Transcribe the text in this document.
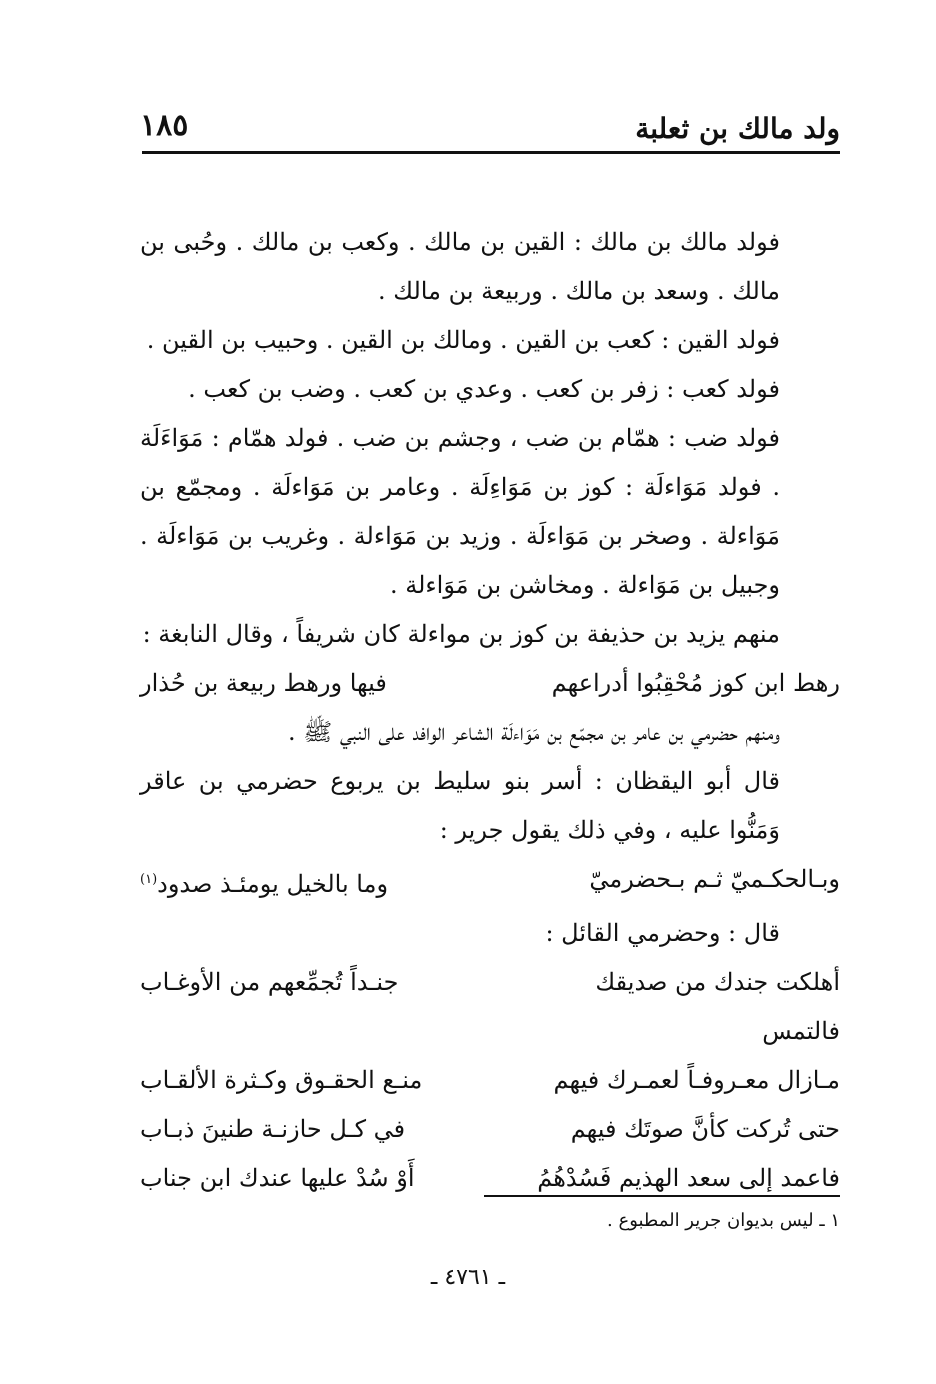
ولد مالك بن ثعلبة
١٨٥

فولد مالك بن مالك : القين بن مالك . وكعب بن مالك . وحُبى بن مالك . وسعد بن مالك . وربيعة بن مالك .

فولد القين : كعب بن القين . ومالك بن القين . وحبيب بن القين .

فولد كعب : زفر بن كعب . وعدي بن كعب . وضب بن كعب .

فولد ضب : همّام بن ضب ، وجشم بن ضب . فولد همّام : مَوَاءَلَة . فولد مَوَاءلَة : كوز بن مَوَاءِلَة . وعامر بن مَوَاءلَة . ومجمّع بن مَوَاءلة . وصخر بن مَوَاءلَة . وزيد بن مَوَاءلة . وغريب بن مَوَاءلَة . وجبيل بن مَوَاءلة . ومخاشن بن مَوَاءلة .

منهم يزيد بن حذيفة بن كوز بن مواءلة كان شريفاً ، وقال النابغة :

رهط ابن كوز مُحْقِبُوا أدراعهم
فيها ورهط ربيعة بن حُذار

ومنهم حضرمي بن عامر بن مجمّع بن مَوَاءلَة الشاعر الوافد على النبي ﷺ .

قال أبو اليقظان : أسر بنو سليط بن يربوع حضرمي بن عاقر وَمَنُّوا عليه ، وفي ذلك يقول جرير :

وبـالحكـميّ ثـم بـحضرميّ
وما بالخيل يومئـذ صدود$^{(١)}$

قال : وحضرمي القائل :

أهلكت جندك من صديقك فالتمس
جنـداً تُجمِّعهم من الأوغـاب
مـازال معـروفـاً لعمـرك فيهم
منـع الحقـوق وكـثرة الألقـاب
حتى تُركت كأنَّ صوتَك فيهم
في كـل حازنـة طنينَ ذبـاب
فاعمد إلى سعد الهذيم فَسُدْهُمُ
أَوْ سُدْ عليها عندك ابن جناب
١ ـ ليس بديوان جرير المطبوع .
ـ ٤٧٦١ ـ
